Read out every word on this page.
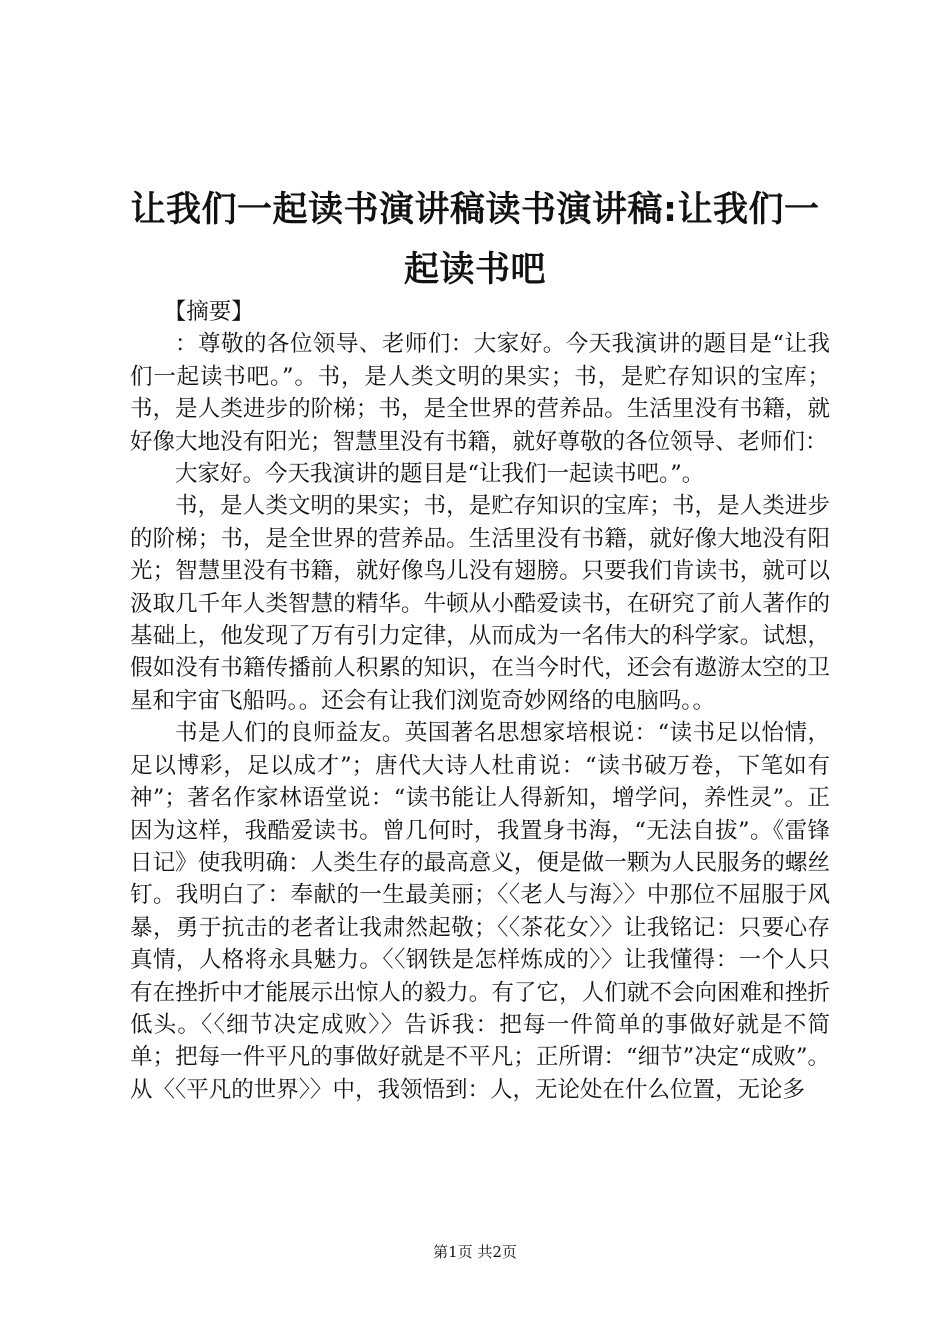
让我们一起读书演讲稿读书演讲稿:让我们一起读书吧

【摘要】

：尊敬的各位领导、老师们：大家好。今天我演讲的题目是“让我们一起读书吧。”。书，是人类文明的果实；书，是贮存知识的宝库；书，是人类进步的阶梯；书，是全世界的营养品。生活里没有书籍，就好像大地没有阳光；智慧里没有书籍，就好尊敬的各位领导、老师们：

大家好。今天我演讲的题目是“让我们一起读书吧。”。

书，是人类文明的果实；书，是贮存知识的宝库；书，是人类进步的阶梯；书，是全世界的营养品。生活里没有书籍，就好像大地没有阳光；智慧里没有书籍，就好像鸟儿没有翅膀。只要我们肯读书，就可以汲取几千年人类智慧的精华。牛顿从小酷爱读书，在研究了前人著作的基础上，他发现了万有引力定律，从而成为一名伟大的科学家。试想，假如没有书籍传播前人积累的知识，在当今时代，还会有遨游太空的卫星和宇宙飞船吗。。还会有让我们浏览奇妙网络的电脑吗。。

书是人们的良师益友。英国著名思想家培根说：“读书足以怡情，足以博彩，足以成才”；唐代大诗人杜甫说：“读书破万卷，下笔如有神”；著名作家林语堂说：“读书能让人得新知，增学问，养性灵”。正因为这样，我酷爱读书。曾几何时，我置身书海，“无法自拔”。《雷锋日记》使我明确：人类生存的最高意义，便是做一颗为人民服务的螺丝钉。我明白了：奉献的一生最美丽；〈〈老人与海〉〉中那位不屈服于风暴，勇于抗击的老者让我肃然起敬；〈〈茶花女〉〉让我铭记：只要心存真情，人格将永具魅力。〈〈钢铁是怎样炼成的〉〉让我懂得：一个人只有在挫折中才能展示出惊人的毅力。有了它，人们就不会向困难和挫折低头。〈〈细节决定成败〉〉告诉我：把每一件简单的事做好就是不简单；把每一件平凡的事做好就是不平凡；正所谓：“细节”决定“成败”。从〈〈平凡的世界〉〉中，我领悟到：人，无论处在什么位置，无论多

第1页 共2页
